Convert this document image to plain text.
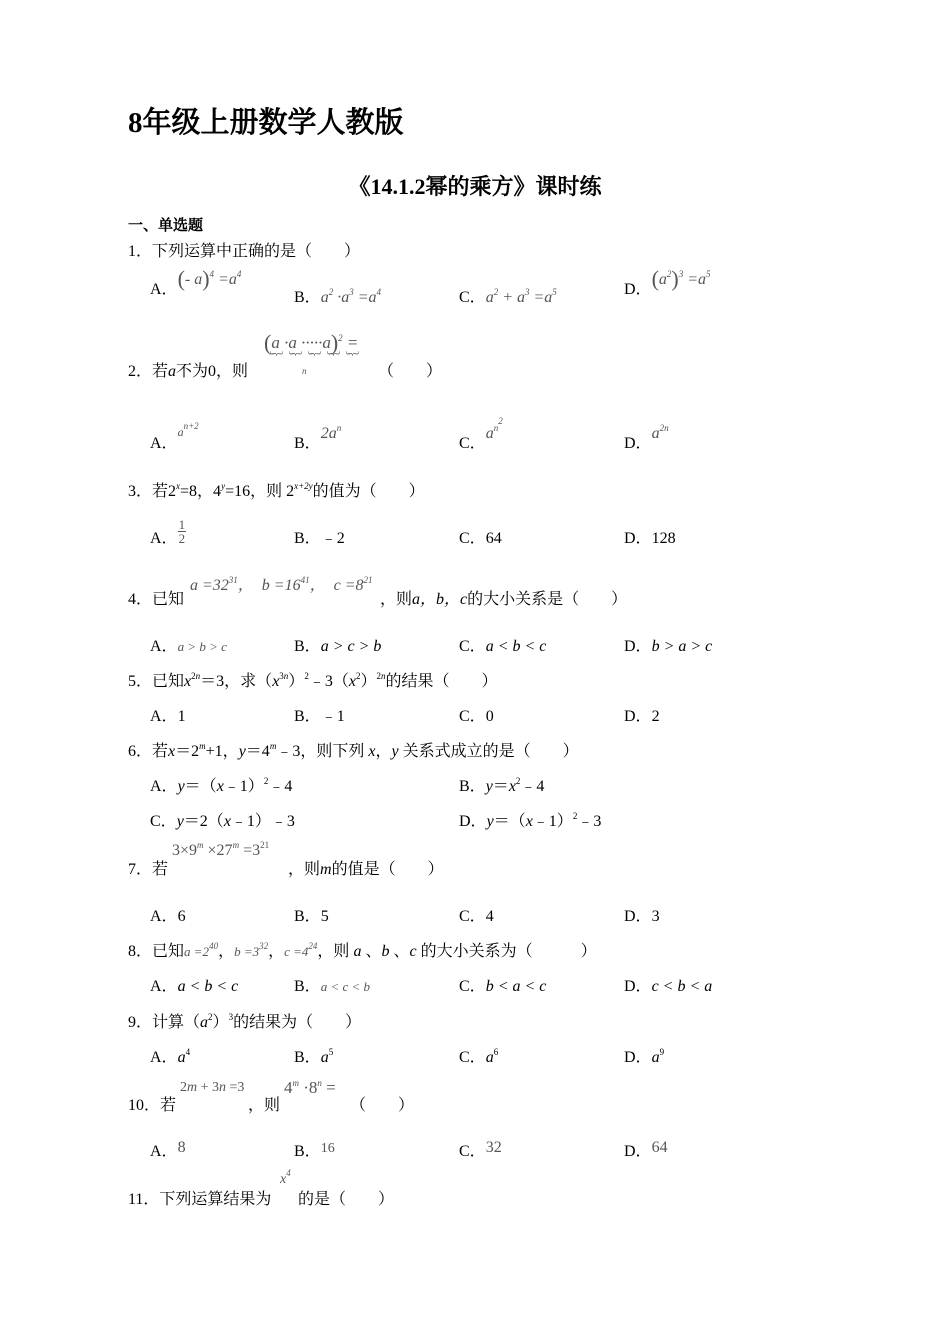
8年级上册数学人教版
《14.1.2幂的乘方》课时练
一、单选题
1．下列运算中正确的是（　　）
A．(- $a)^4 =a^4$
B．$a^2 \cdot a^3 =a^4$	C．$a^2 + a^3 =a^5$	D．$(a^2)^3 =a^5$
$(a \cdot a \cdot\cdot\cdot\cdot\cdot a)^2$ =
︸︸︸︸︸
n
2．若a不为0，则	（　　）
A．$^{a^{n+2}}$
B．$2a^n$
C．$a^{n^2}$
D．$a^{2n}$
3．若$2^x=8$，$4^y=16$，则 $2^{x+2y}$的值为（　　）
A． $\frac{1}{2}$	B．﹣2	C．64	D．128
$a =32^{31}$，  $b =16^{41}$，  $c =8^{21}$
4．已知	，则a，b，c的大小关系是（　　）
A．a > b > c	B．a > c > b	C．a < b < c	D．b > a > c
5．已知$x^{2n}=3$，求$(x^{3n})^2﹣3(x^2)^{2n}$的结果（　　）
A．1	B．﹣1	C．0	D．2
6．若$x=2^m+1$，$y=4^m﹣3$，则下列 x，y 关系式成立的是（　　）
A．y＝（x﹣1）$^2$﹣4	B．$y=x^2﹣4$
C．y＝2（x﹣1）﹣3	D．y＝（x﹣1）$^2$﹣3
$3\times 9^m \times 27^m =3^{21}$
7．若	，则m的值是（　　）
A．6	B．5	C．4	D．3
8．已知$a =2^{40}$，$b =3^{32}$，$c =4^{24}$，则 a 、b 、c 的大小关系为（　　　）
A．a < b < c	B．a < c < b	C．b < a < c	D．c < b < a
9．计算$(a^2)^3$的结果为（　　）
A．$a^4$	B．$a^5$	C．$a^6$	D．$a^9$
2m + 3n =3 $4^m \cdot 8^n$ =
10．若	，则	（　　）
A．8	B．16	C．32	D．64
$x^4$
11．下列运算结果为 的是（　　）
